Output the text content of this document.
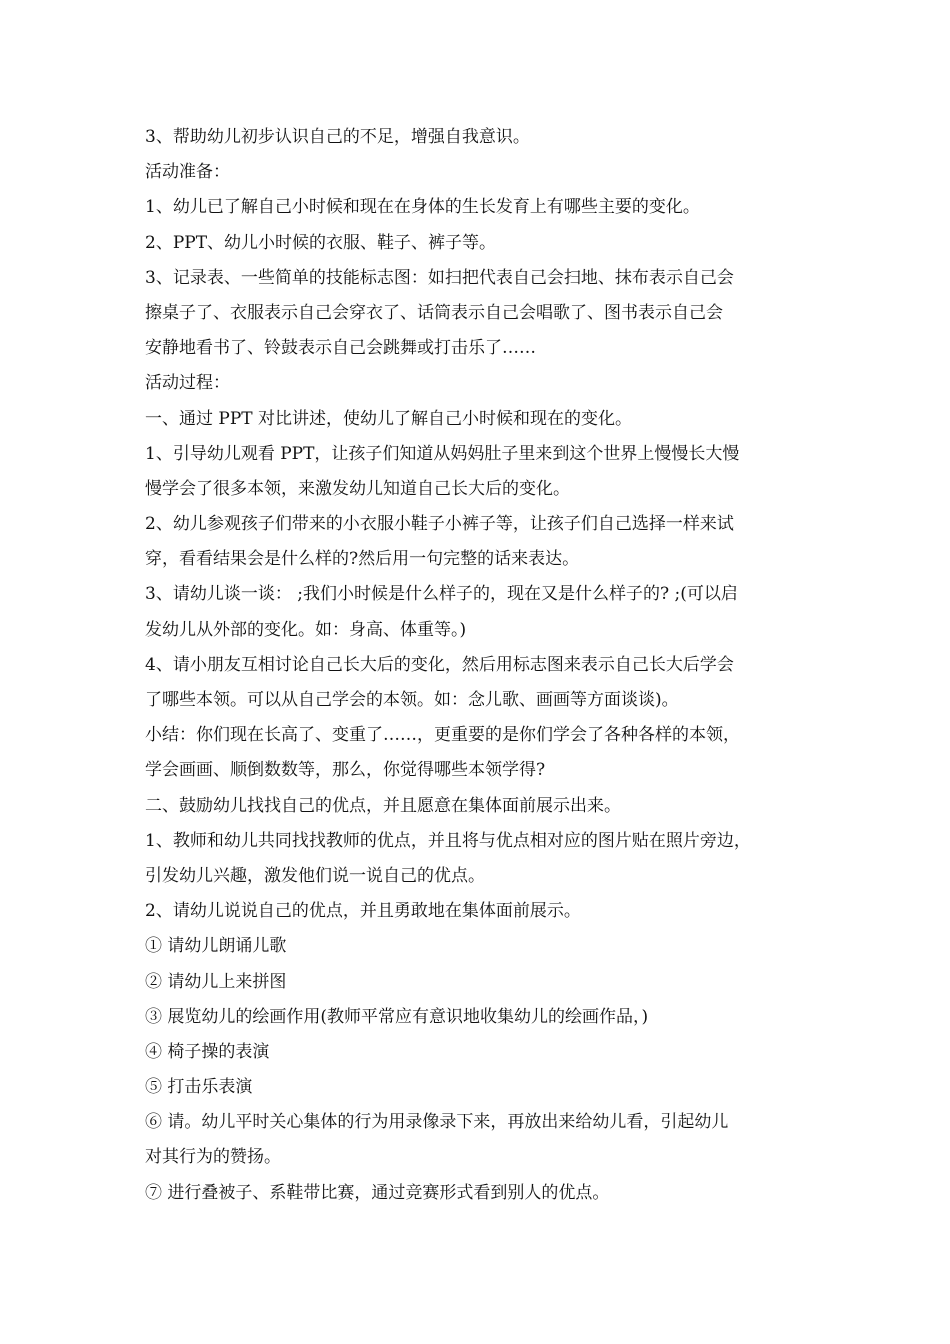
3、帮助幼儿初步认识自己的不足，增强自我意识。
活动准备：
1、幼儿已了解自己小时候和现在在身体的生长发育上有哪些主要的变化。
2、PPT、幼儿小时候的衣服、鞋子、裤子等。
3、记录表、一些简单的技能标志图：如扫把代表自己会扫地、抹布表示自己会
擦桌子了、衣服表示自己会穿衣了、话筒表示自己会唱歌了、图书表示自己会
安静地看书了、铃鼓表示自己会跳舞或打击乐了……
活动过程：
一、通过 PPT 对比讲述，使幼儿了解自己小时候和现在的变化。
1、引导幼儿观看 PPT，让孩子们知道从妈妈肚子里来到这个世界上慢慢长大慢
慢学会了很多本领，来激发幼儿知道自己长大后的变化。
2、幼儿参观孩子们带来的小衣服小鞋子小裤子等，让孩子们自己选择一样来试
穿，看看结果会是什么样的?然后用一句完整的话来表达。
3、请幼儿谈一谈： ;我们小时候是什么样子的，现在又是什么样子的? ;(可以启
发幼儿从外部的变化。如：身高、体重等。)
4、请小朋友互相讨论自己长大后的变化，然后用标志图来表示自己长大后学会
了哪些本领。可以从自己学会的本领。如：念儿歌、画画等方面谈谈)。
小结：你们现在长高了、变重了……，更重要的是你们学会了各种各样的本领，
学会画画、顺倒数数等，那么，你觉得哪些本领学得?
二、鼓励幼儿找找自己的优点，并且愿意在集体面前展示出来。
1、教师和幼儿共同找找教师的优点，并且将与优点相对应的图片贴在照片旁边，
引发幼儿兴趣，激发他们说一说自己的优点。
2、请幼儿说说自己的优点，并且勇敢地在集体面前展示。
① 请幼儿朗诵儿歌
② 请幼儿上来拼图
③ 展览幼儿的绘画作用(教师平常应有意识地收集幼儿的绘画作品，)
④ 椅子操的表演
⑤ 打击乐表演
⑥ 请。幼儿平时关心集体的行为用录像录下来，再放出来给幼儿看，引起幼儿
对其行为的赞扬。
⑦ 进行叠被子、系鞋带比赛，通过竞赛形式看到别人的优点。
